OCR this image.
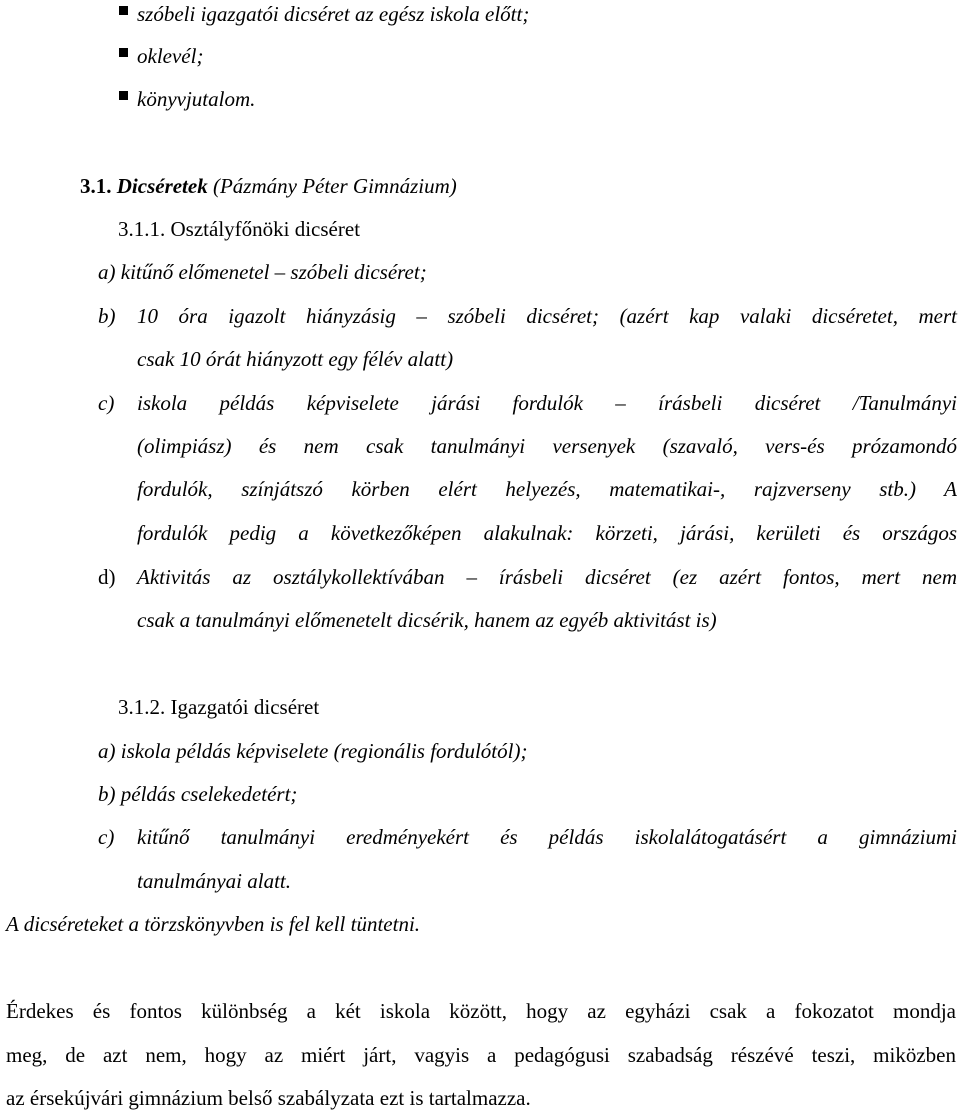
szóbeli igazgatói dicséret az egész iskola előtt;
oklevél;
könyvjutalom.
3.1. Dicséretek (Pázmány Péter Gimnázium)
3.1.1. Osztályfőnöki dicséret
a) kitűnő előmenetel – szóbeli dicséret;
b) 10 óra igazolt hiányzásig – szóbeli dicséret; (azért kap valaki dicséretet, mert
csak 10 órát hiányzott egy félév alatt)
c) iskola példás képviselete járási fordulók – írásbeli dicséret /Tanulmányi
(olimpiász) és nem csak tanulmányi versenyek (szavaló, vers-és prózamondó
fordulók, színjátszó körben elért helyezés, matematikai-, rajzverseny stb.) A
fordulók pedig a következőképen alakulnak: körzeti, járási, kerületi és országos
d) Aktivitás az osztálykollektívában – írásbeli dicséret (ez azért fontos, mert nem
csak a tanulmányi előmenetelt dicsérik, hanem az egyéb aktivitást is)
3.1.2. Igazgatói dicséret
a) iskola példás képviselete (regionális fordulótól);
b) példás cselekedetért;
c) kitűnő tanulmányi eredményekért és példás iskolalátogatásért a gimnáziumi
tanulmányai alatt.
A dicséreteket a törzskönyvben is fel kell tüntetni.
Érdekes és fontos különbség a két iskola között, hogy az egyházi csak a fokozatot mondja
meg, de azt nem, hogy az miért járt, vagyis a pedagógusi szabadság részévé teszi, miközben
az érsekújvári gimnázium belső szabályzata ezt is tartalmazza.
